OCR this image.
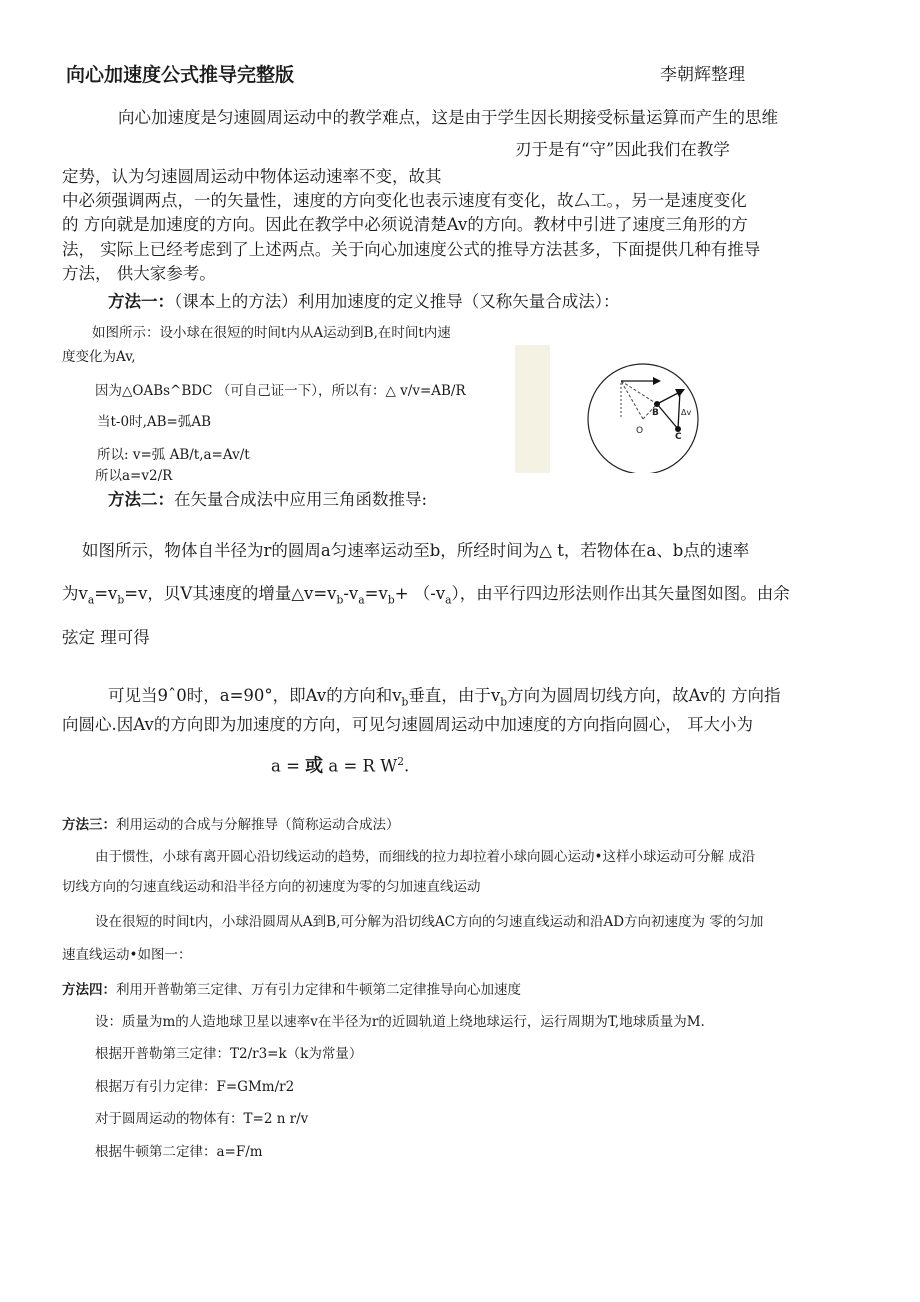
向心加速度公式推导完整版	李朝辉整理
向心加速度是匀速圆周运动中的教学难点，这是由于学生因长期接受标量运算而产生的思维
刃于是有“守”因此我们在教学
定势，认为匀速圆周运动中物体运动速率不变，故其
中必须强调两点，一的矢量性，速度的方向变化也表示速度有变化，故厶工。，另一是速度变化
的 方向就是加速度的方向。因此在教学中必须说清楚Av的方向。教材中引进了速度三角形的方
法， 实际上已经考虑到了上述两点。关于向心加速度公式的推导方法甚多，下面提供几种有推导
方法， 供大家参考。
方法一：（课本上的方法）利用加速度的定义推导（又称矢量合成法）：
如图所示：设小球在很短的时间t内从A运动到B,在时间t内速
度变化为Av,
因为△OABs^BDC （可自己证一下），所以有：△ v/v=AB/R
当t-0时,AB=弧AB
所以: v=弧 AB/t,a=Av/t
所以a=v2/R
O
B
C
Δv
方法二：在矢量合成法中应用三角函数推导:
如图所示，物体自半径为r的圆周a匀速率运动至b，所经时间为△ t，若物体在a、b点的速率
为$v_a=v_b=v$，贝V其速度的增量$\triangle v=v_b-v_a=v_b+ (-v_a)$，由平行四边形法则作出其矢量图如图。由余
弦定 理可得
可见当9ˆ0时，a=90°，即Av的方向和$v_b$垂直，由于$v_b$方向为圆周切线方向，故Av的 方向指
向圆心.因Av的方向即为加速度的方向，可见匀速圆周运动中加速度的方向指向圆心， 耳大小为
a = 或 a = R $W^2$.
方法三：利用运动的合成与分解推导（简称运动合成法）
由于惯性，小球有离开圆心沿切线运动的趋势，而细线的拉力却拉着小球向圆心运动•这样小球运动可分解 成沿
切线方向的匀速直线运动和沿半径方向的初速度为零的匀加速直线运动
设在很短的时间t内，小球沿圆周从A到B,可分解为沿切线AC方向的匀速直线运动和沿AD方向初速度为 零的匀加
速直线运动•如图一：
方法四：利用开普勒第三定律、万有引力定律和牛顿第二定律推导向心加速度
设：质量为m的人造地球卫星以速率v在半径为r的近圆轨道上绕地球运行，运行周期为T,地球质量为M.
根据开普勒第三定律：T2/r3=k（k为常量）
根据万有引力定律：F=GMm/r2
对于圆周运动的物体有：T=2 n r/v
根据牛顿第二定律：a=F/m
